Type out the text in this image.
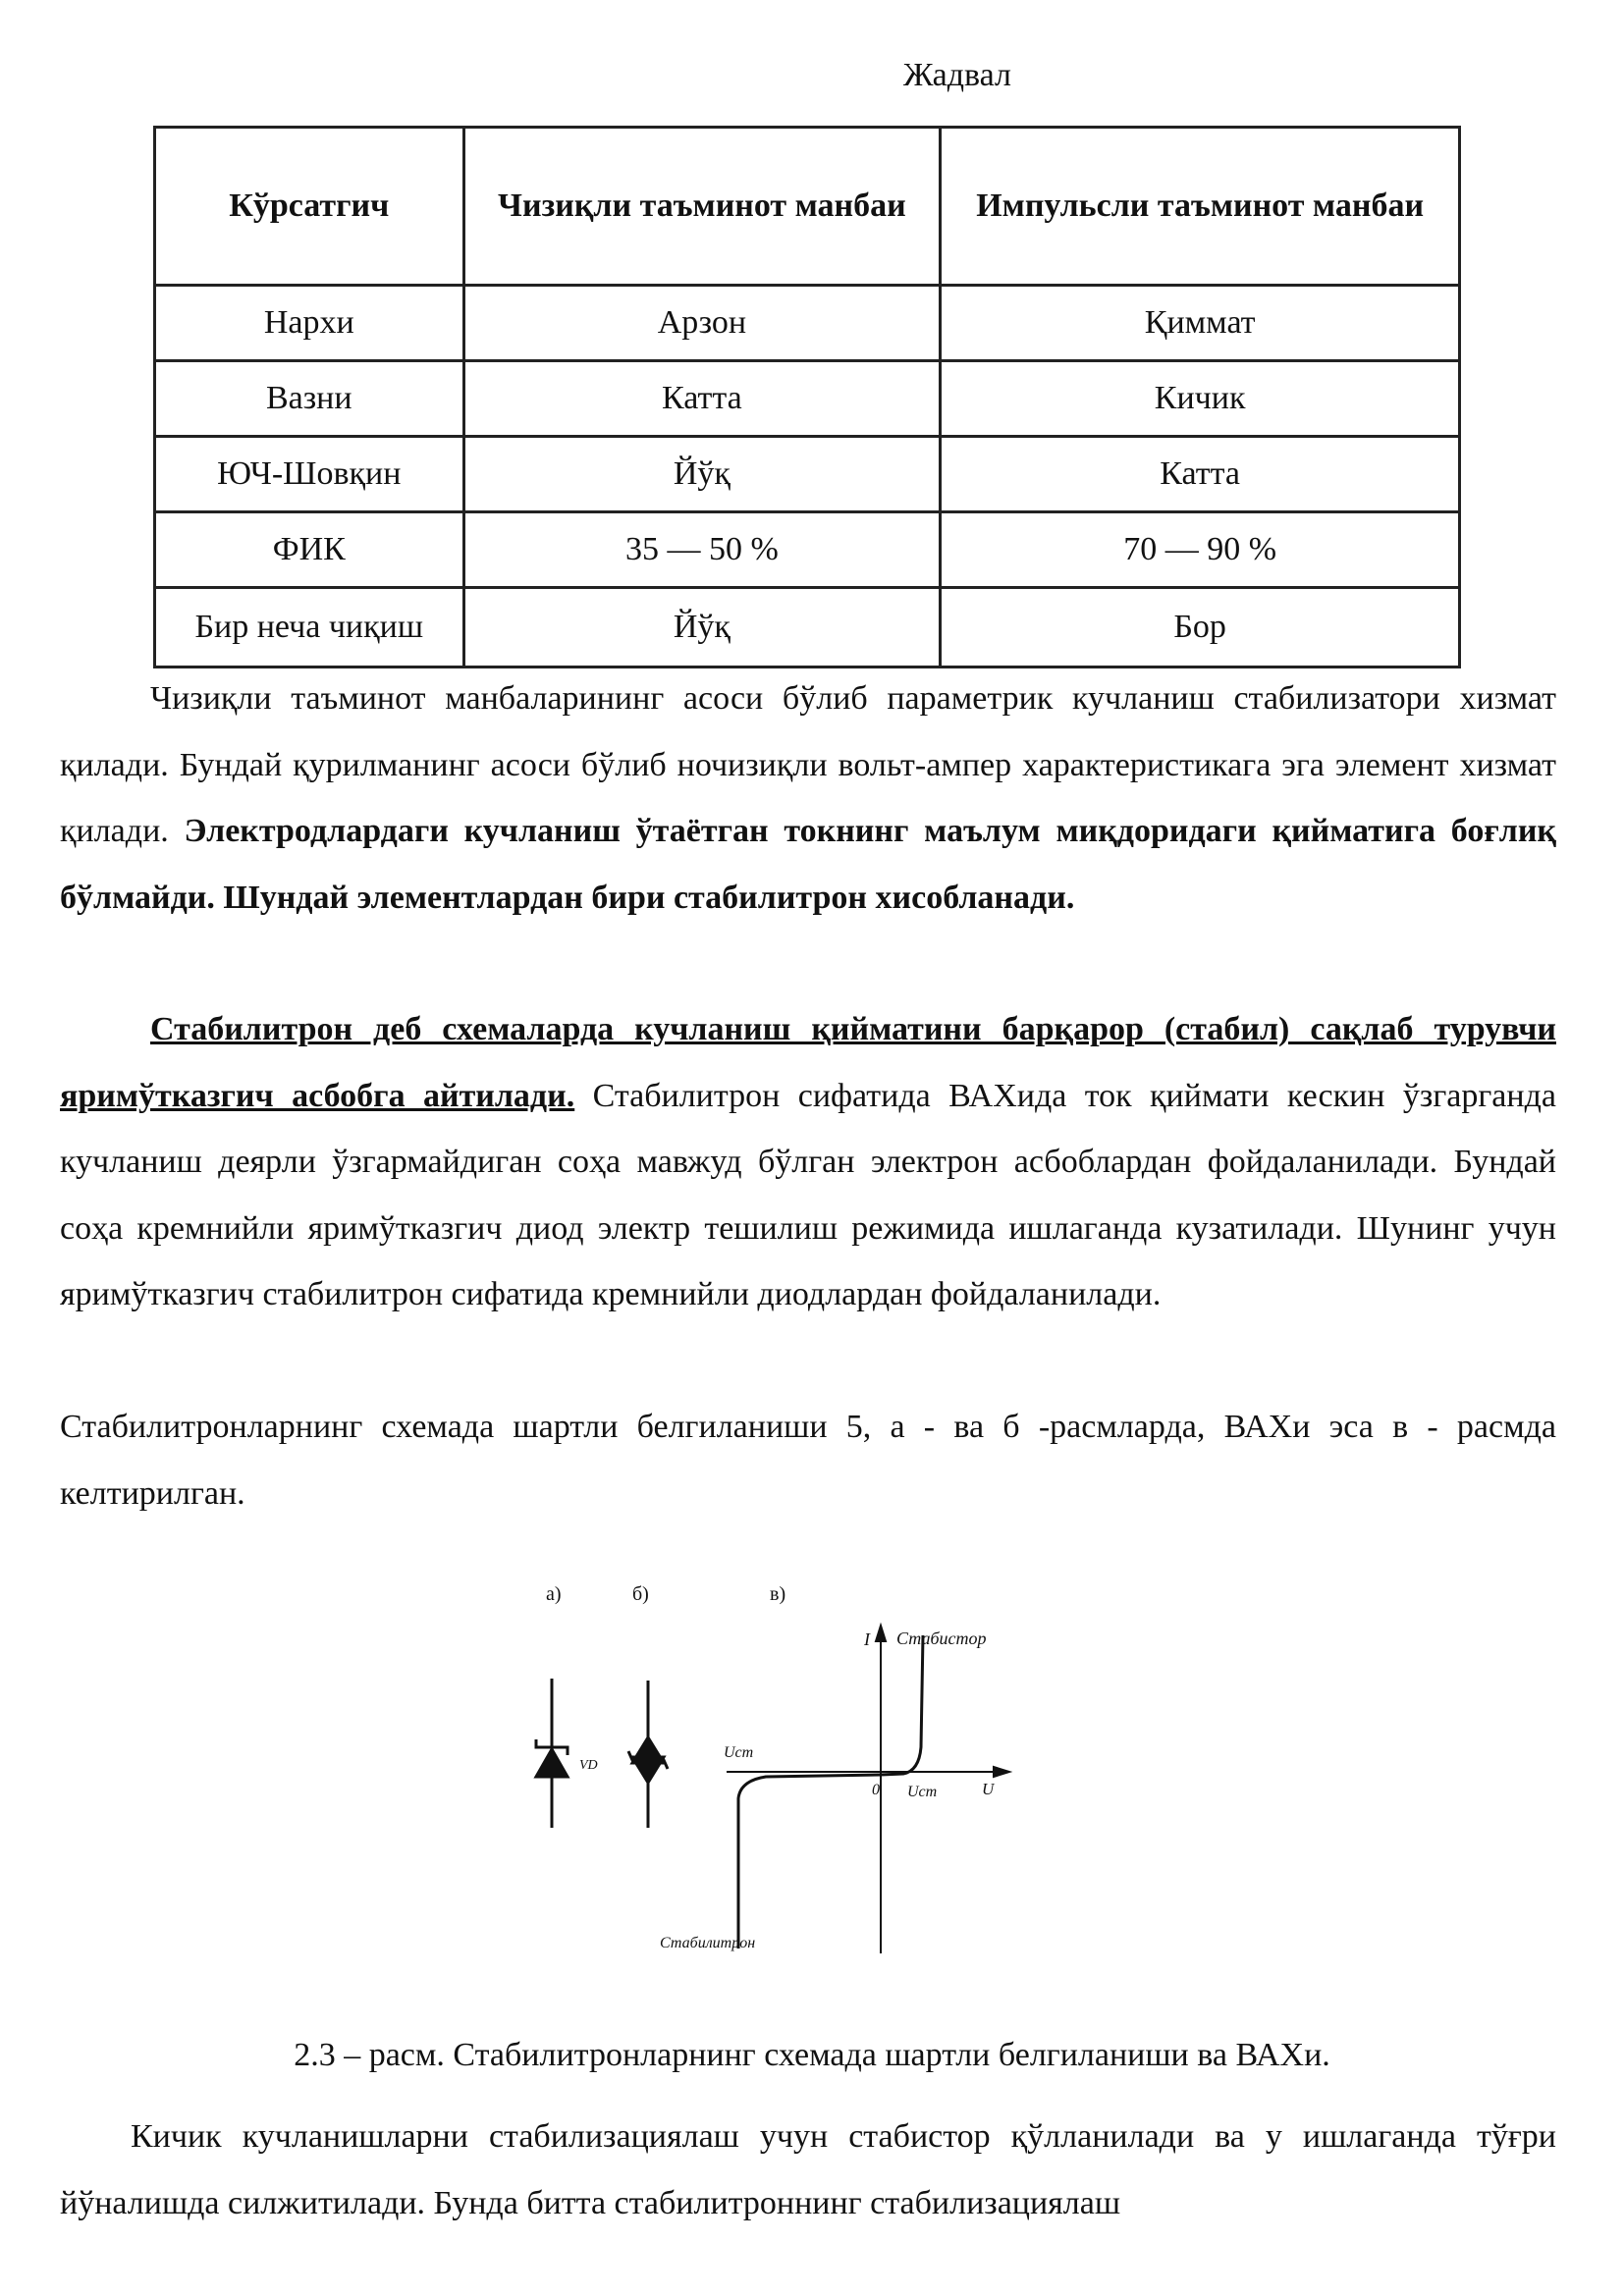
Жадвал
Кўрсатгич	Чизиқли таъминот манбаи	Импульсли таъминот манбаи
Нархи	Арзон	Қиммат
Вазни	Катта	Кичик
ЮЧ-Шовқин	Йўқ	Катта
ФИК	35 — 50 %	70 — 90 %
Бир неча чиқиш	Йўқ	Бор
Чизиқли таъминот манбаларининг асоси бўлиб параметрик кучланиш стабилизатори хизмат қилади. Бундай қурилманинг асоси бўлиб ночизиқли вольт-ампер характеристикага эга элемент хизмат қилади. Электродлардаги кучланиш ўтаётган токнинг маълум миқдоридаги қийматига боғлиқ бўлмайди. Шундай элементлардан бири стабилитрон хисобланади.
Стабилитрон деб схемаларда кучланиш қийматини барқарор (стабил) сақлаб турувчи яримўтказгич асбобга айтилади. Стабилитрон сифатида ВАХида ток қиймати кескин ўзгарганда кучланиш деярли ўзгармайдиган соҳа мавжуд бўлган электрон асбоблардан фойдаланилади. Бундай соҳа кремнийли яримўтказгич диод электр тешилиш режимида ишлаганда кузатилади. Шунинг учун яримўтказгич стабилитрон сифатида кремнийли диодлардан фойдаланилади.
Стабилитронларнинг схемада шартли белгиланиши 5, а - ва б -расмларда, ВАХи эса в - расмда келтирилган.
а)	б)	в)
VD
I Стабистор
Uст
0 Uст	U
Стабилитрон
2.3 – расм. Стабилитронларнинг схемада шартли белгиланиши ва ВАХи.
Кичик кучланишларни стабилизациялаш учун стабистор қўлланилади ва у ишлаганда тўғри йўналишда силжитилади. Бунда битта стабилитроннинг стабилизациялаш
